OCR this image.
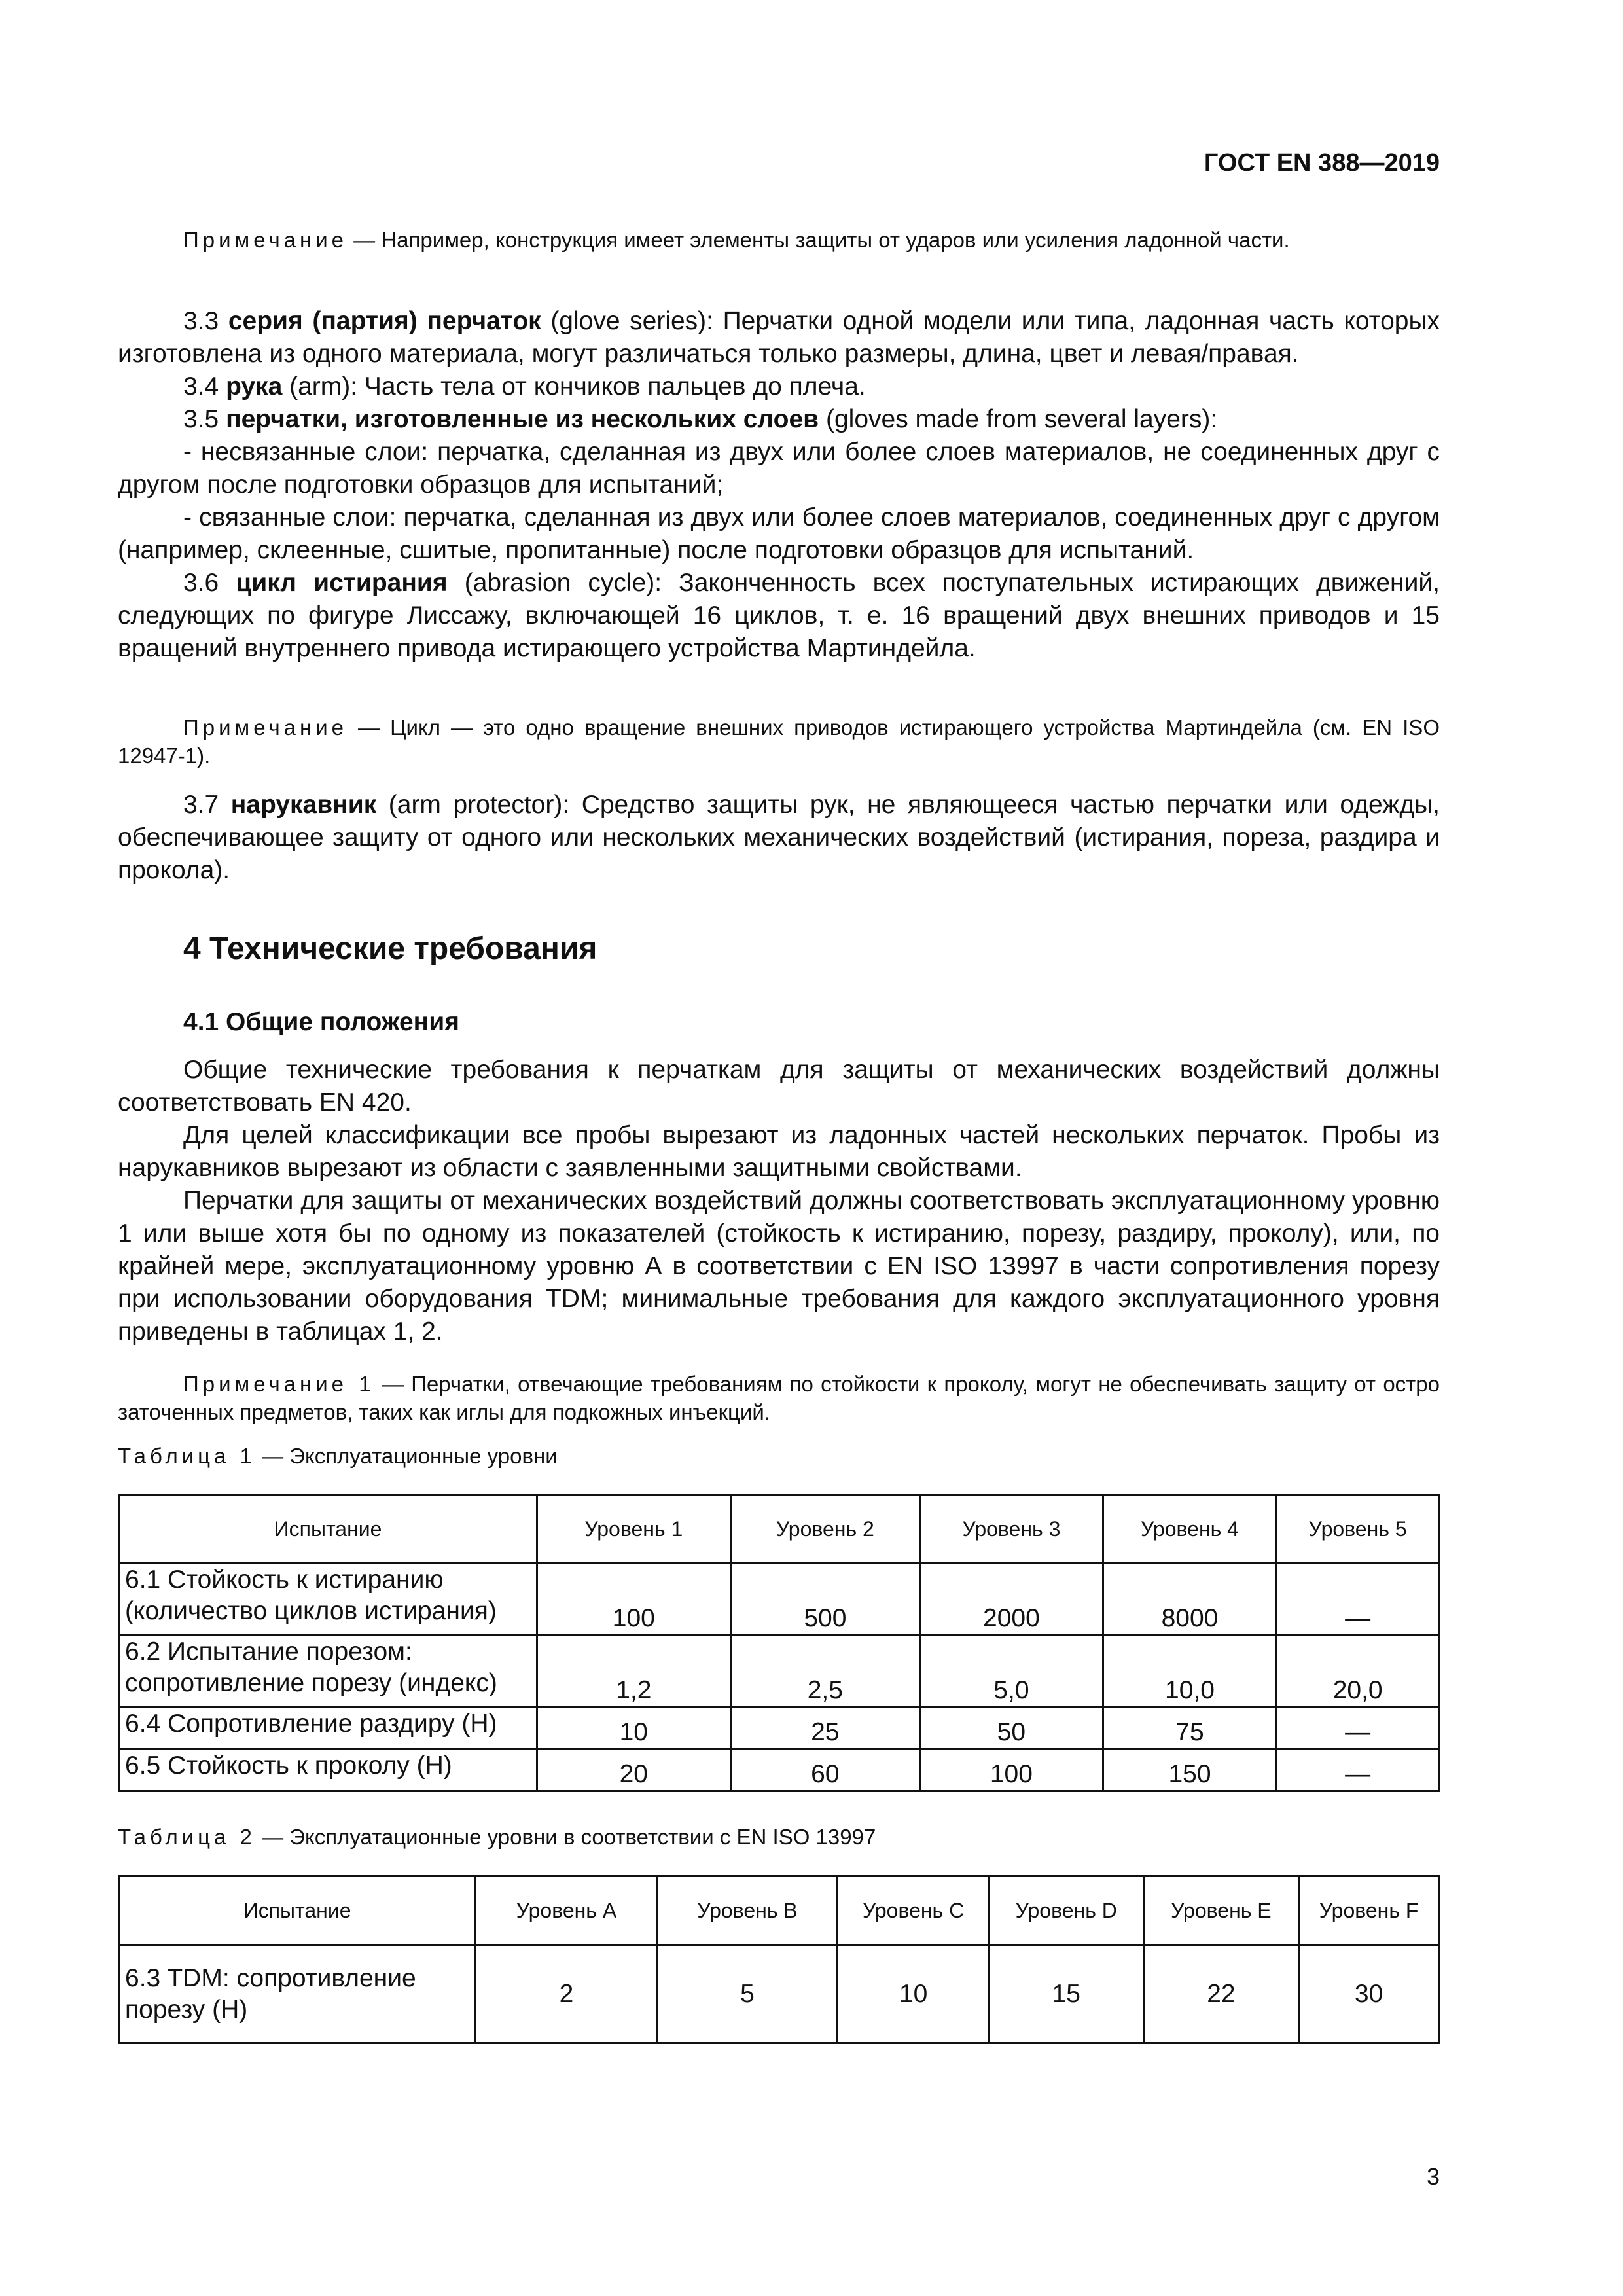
ГОСТ EN 388—2019

Примечание — Например, конструкция имеет элементы защиты от ударов или усиления ладонной части.

3.3 серия (партия) перчаток (glove series): Перчатки одной модели или типа, ладонная часть которых изготовлена из одного материала, могут различаться только размеры, длина, цвет и левая/правая.

3.4 рука (arm): Часть тела от кончиков пальцев до плеча.

3.5 перчатки, изготовленные из нескольких слоев (gloves made from several layers):

- несвязанные слои: перчатка, сделанная из двух или более слоев материалов, не соединенных друг с другом после подготовки образцов для испытаний;

- связанные слои: перчатка, сделанная из двух или более слоев материалов, соединенных друг с другом (например, склеенные, сшитые, пропитанные) после подготовки образцов для испытаний.

3.6 цикл истирания (abrasion cycle): Законченность всех поступательных истирающих движений, следующих по фигуре Лиссажу, включающей 16 циклов, т. е. 16 вращений двух внешних приводов и 15 вращений внутреннего привода истирающего устройства Мартиндейла.

Примечание — Цикл — это одно вращение внешних приводов истирающего устройства Мартиндейла (см. EN ISO 12947-1).

3.7 нарукавник (arm protector): Средство защиты рук, не являющееся частью перчатки или одежды, обеспечивающее защиту от одного или нескольких механических воздействий (истирания, пореза, раздира и прокола).

4 Технические требования

4.1 Общие положения

Общие технические требования к перчаткам для защиты от механических воздействий должны соответствовать EN 420.

Для целей классификации все пробы вырезают из ладонных частей нескольких перчаток. Пробы из нарукавников вырезают из области с заявленными защитными свойствами.

Перчатки для защиты от механических воздействий должны соответствовать эксплуатационному уровню 1 или выше хотя бы по одному из показателей (стойкость к истиранию, порезу, раздиру, проколу), или, по крайней мере, эксплуатационному уровню А в соответствии с EN ISO 13997 в части сопротивления порезу при использовании оборудования TDM; минимальные требования для каждого эксплуатационного уровня приведены в таблицах 1, 2.

Примечание 1 — Перчатки, отвечающие требованиям по стойкости к проколу, могут не обеспечивать защиту от остро заточенных предметов, таких как иглы для подкожных инъекций.

Таблица 1 — Эксплуатационные уровни

Испытание	Уровень 1	Уровень 2	Уровень 3	Уровень 4	Уровень 5
6.1 Стойкость к истиранию (количество циклов истирания)	100	500	2000	8000	—
6.2 Испытание порезом: сопротивление порезу (индекс)	1,2	2,5	5,0	10,0	20,0
6.4 Сопротивление раздиру (Н)	10	25	50	75	—
6.5 Стойкость к проколу (Н)	20	60	100	150	—

Таблица 2 — Эксплуатационные уровни в соответствии с EN ISO 13997

Испытание	Уровень A	Уровень B	Уровень C	Уровень D	Уровень E	Уровень F
6.3 TDM: сопротивление порезу (Н)	2	5	10	15	22	30
3
